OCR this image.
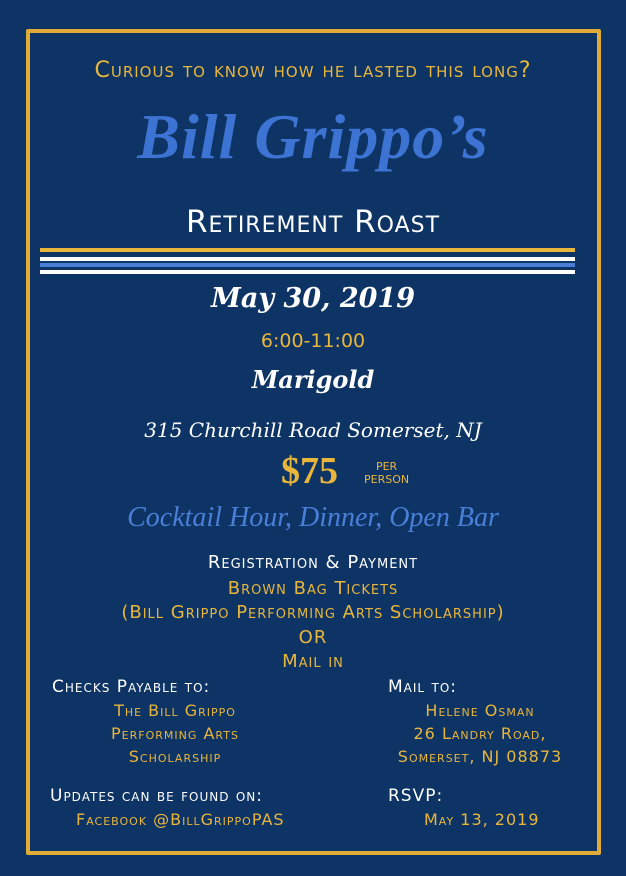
Curious to know how he lasted this long?
Bill Grippo’s
Retirement Roast
May 30, 2019
6:00-11:00
Marigold
315 Churchill Road Somerset, NJ
$75	PER
PERSON
Cocktail Hour, Dinner, Open Bar
Registration & Payment
Brown Bag Tickets
(Bill Grippo Performing Arts Scholarship)
OR
Mail in
Checks Payable to:
The Bill Grippo
Performing Arts
Scholarship
Mail to:
Helene Osman
26 Landry Road,
Somerset, NJ 08873
Updates can be found on:
Facebook @BillGrippoPAS
RSVP:
May 13, 2019
